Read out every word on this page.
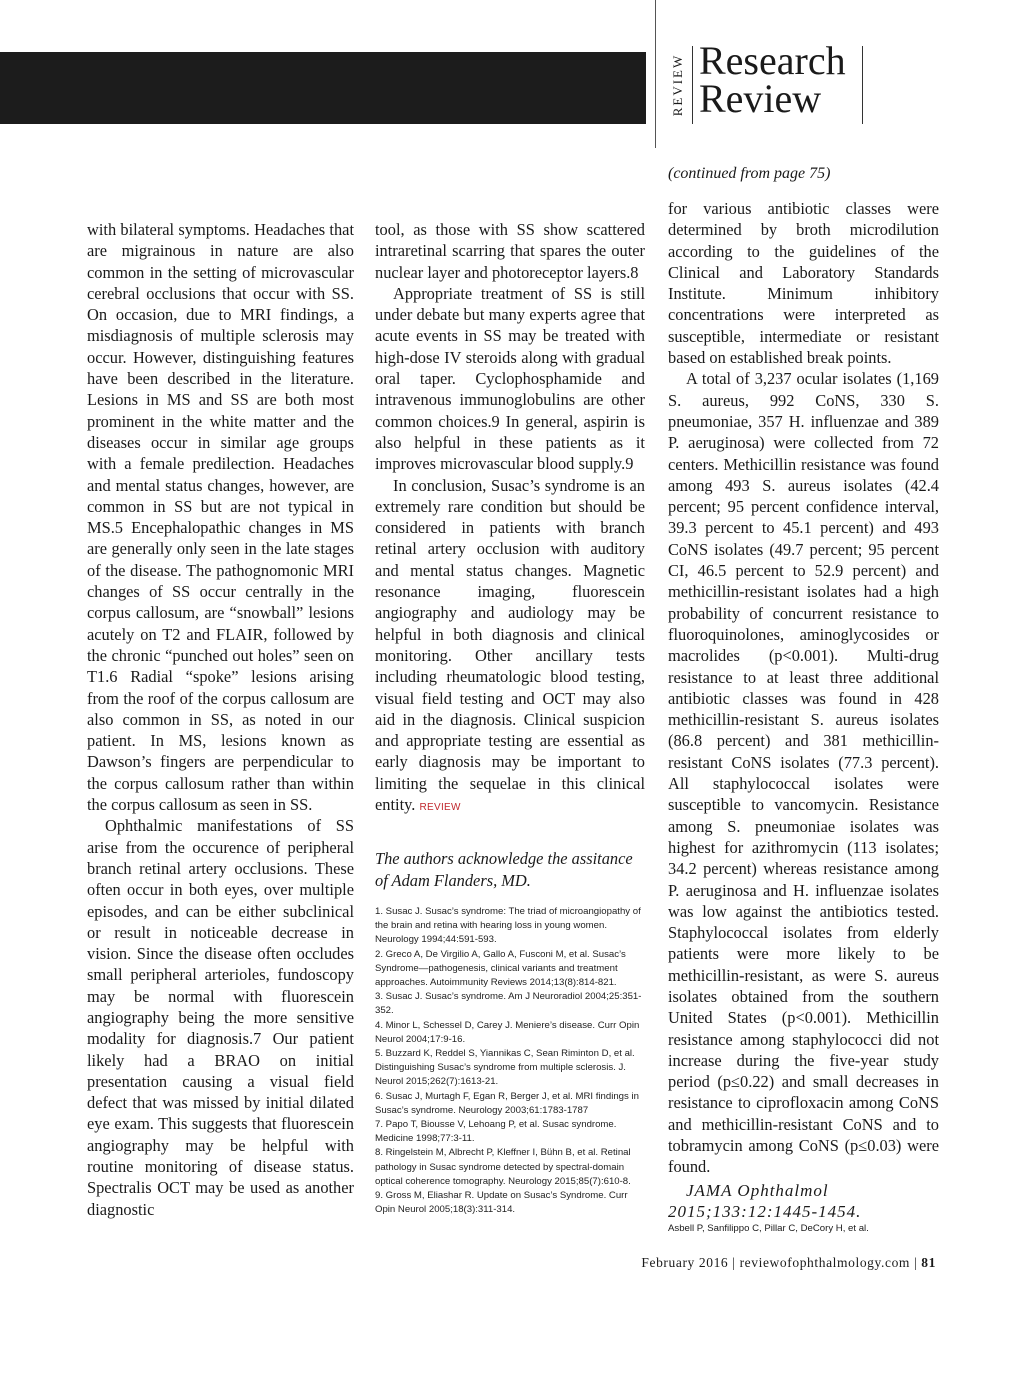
REVIEW Research
Review

with bilateral symptoms. Headaches that are migrainous in nature are also common in the setting of microvascular cerebral occlusions that occur with SS. On occasion, due to MRI findings, a misdiagnosis of multiple sclerosis may occur. However, distinguishing features have been described in the literature. Lesions in MS and SS are both most prominent in the white matter and the diseases occur in similar age groups with a female predilection. Headaches and mental status changes, however, are common in SS but are not typical in MS.5 Encephalopathic changes in MS are generally only seen in the late stages of the disease. The pathognomonic MRI changes of SS occur centrally in the corpus callosum, are “snowball” lesions acutely on T2 and FLAIR, followed by the chronic “punched out holes” seen on T1.6 Radial “spoke” lesions arising from the roof of the corpus callosum are also common in SS, as noted in our patient. In MS, lesions known as Dawson’s fingers are perpendicular to the corpus callosum rather than within the corpus callosum as seen in SS.

Ophthalmic manifestations of SS arise from the occurence of peripheral branch retinal artery occlusions. These often occur in both eyes, over multiple episodes, and can be either subclinical or result in noticeable decrease in vision. Since the disease often occludes small peripheral arterioles, fundoscopy may be normal with fluorescein angiography being the more sensitive modality for diagnosis.7 Our patient likely had a BRAO on initial presentation causing a visual field defect that was missed by initial dilated eye exam. This suggests that fluorescein angiography may be helpful with routine monitoring of disease status. Spectralis OCT may be used as another diagnostic

tool, as those with SS show scattered intraretinal scarring that spares the outer nuclear layer and photoreceptor layers.8

Appropriate treatment of SS is still under debate but many experts agree that acute events in SS may be treated with high-dose IV steroids along with gradual oral taper. Cyclophosphamide and intravenous immunoglobulins are other common choices.9 In general, aspirin is also helpful in these patients as it improves microvascular blood supply.9

In conclusion, Susac’s syndrome is an extremely rare condition but should be considered in patients with branch retinal artery occlusion with auditory and mental status changes. Magnetic resonance imaging, fluorescein angiography and audiology may be helpful in both diagnosis and clinical monitoring. Other ancillary tests including rheumatologic blood testing, visual field testing and OCT may also aid in the diagnosis. Clinical suspicion and appropriate testing are essential as early diagnosis may be important to limiting the sequelae in this clinical entity. REVIEW

The authors acknowledge the assitance of Adam Flanders, MD.

1. Susac J. Susac’s syndrome: The triad of microangiopathy of the brain and retina with hearing loss in young women. Neurology 1994;44:591-593.
2. Greco A, De Virgilio A, Gallo A, Fusconi M, et al. Susac’s Syndrome—pathogenesis, clinical variants and treatment approaches. Autoimmunity Reviews 2014;13(8):814-821.
3. Susac J. Susac’s syndrome. Am J Neuroradiol 2004;25:351-352.
4. Minor L, Schessel D, Carey J. Meniere’s disease. Curr Opin Neurol 2004;17:9-16.
5. Buzzard K, Reddel S, Yiannikas C, Sean Riminton D, et al. Distinguishing Susac’s syndrome from multiple sclerosis. J. Neurol 2015;262(7):1613-21.
6. Susac J, Murtagh F, Egan R, Berger J, et al. MRI findings in Susac’s syndrome. Neurology 2003;61:1783-1787
7. Papo T, Biousse V, Lehoang P, et al. Susac syndrome. Medicine 1998;77:3-11.
8. Ringelstein M, Albrecht P, Kleffner I, Bühn B, et al. Retinal pathology in Susac syndrome detected by spectral-domain optical coherence tomography. Neurology 2015;85(7):610-8.
9. Gross M, Eliashar R. Update on Susac’s Syndrome. Curr Opin Neurol 2005;18(3):311-314.
(continued from page 75)

for various antibiotic classes were determined by broth microdilution according to the guidelines of the Clinical and Laboratory Standards Institute. Minimum inhibitory concentrations were interpreted as susceptible, intermediate or resistant based on established break points.

A total of 3,237 ocular isolates (1,169 S. aureus, 992 CoNS, 330 S. pneumoniae, 357 H. influenzae and 389 P. aeruginosa) were collected from 72 centers. Methicillin resistance was found among 493 S. aureus isolates (42.4 percent; 95 percent confidence interval, 39.3 percent to 45.1 percent) and 493 CoNS isolates (49.7 percent; 95 percent CI, 46.5 percent to 52.9 percent) and methicillin-resistant isolates had a high probability of concurrent resistance to fluoroquinolones, aminoglycosides or macrolides (p<0.001). Multi-drug resistance to at least three additional antibiotic classes was found in 428 methicillin-resistant S. aureus isolates (86.8 percent) and 381 methicillin-resistant CoNS isolates (77.3 percent). All staphylococcal isolates were susceptible to vancomycin. Resistance among S. pneumoniae isolates was highest for azithromycin (113 isolates; 34.2 percent) whereas resistance among P. aeruginosa and H. influenzae isolates was low against the antibiotics tested. Staphylococcal isolates from elderly patients were more likely to be methicillin-resistant, as were S. aureus isolates obtained from the southern United States (p<0.001). Methicillin resistance among staphylococci did not increase during the five-year study period (p≤0.22) and small decreases in resistance to ciprofloxacin among CoNS and methicillin-resistant CoNS and to tobramycin among CoNS (p≤0.03) were found.

JAMA Ophthalmol 2015;133:12:1445-1454.

Asbell P, Sanfilippo C, Pillar C, DeCory H, et al.

February 2016 | reviewofophthalmology.com | 81
